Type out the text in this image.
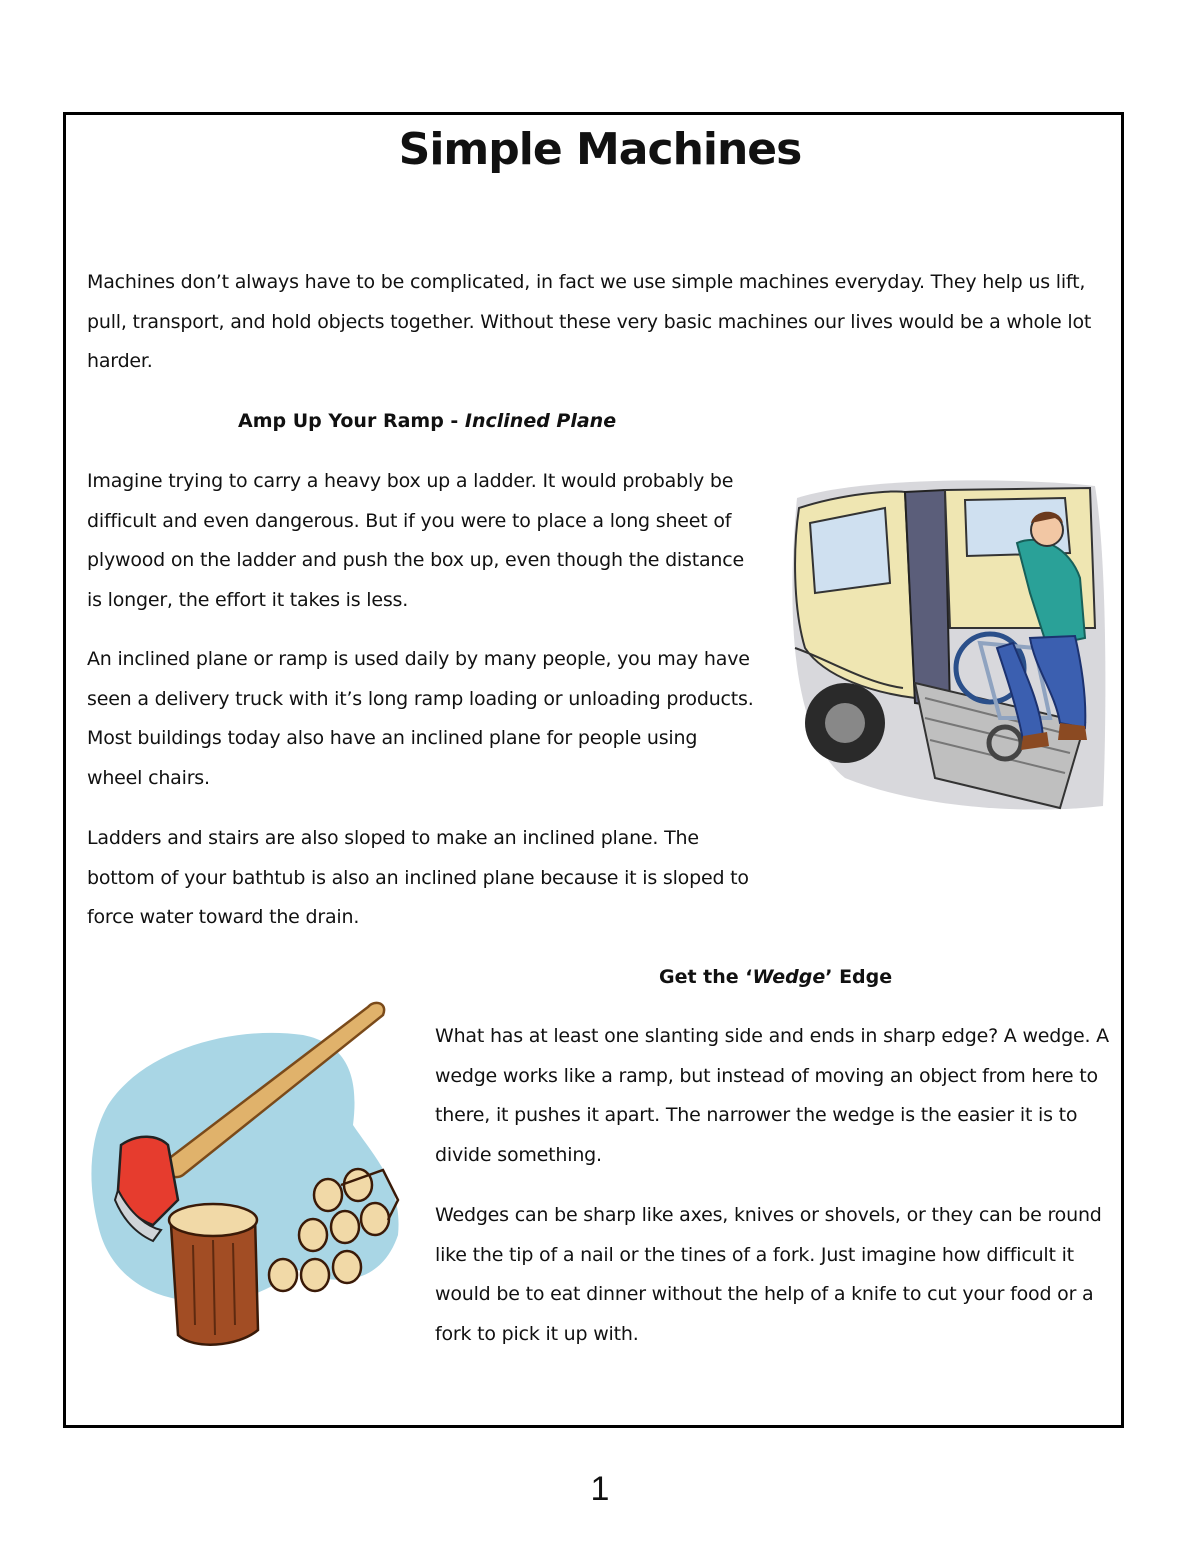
Simple Machines

Machines don’t always have to be complicated, in fact we use simple machines everyday. They help us lift, pull, transport, and hold objects together. Without these very basic machines our lives would be a whole lot harder.

Amp Up Your Ramp - Inclined Plane

Imagine trying to carry a heavy box up a ladder. It would probably be difficult and even dangerous. But if you were to place a long sheet of plywood on the ladder and push the box up, even though the distance is longer, the effort it takes is less.

An inclined plane or ramp is used daily by many people, you may have seen a delivery truck with it’s long ramp loading or unloading products. Most buildings today also have an inclined plane for people using wheel chairs.

Ladders and stairs are also sloped to make an inclined plane. The bottom of your bathtub is also an inclined plane because it is sloped to force water toward the drain.

Get the ‘Wedge’ Edge

What has at least one slanting side and ends in sharp edge? A wedge. A wedge works like a ramp, but instead of moving an object from here to there, it pushes it apart. The narrower the wedge is the easier it is to divide something.

Wedges can be sharp like axes, knives or shovels, or they can be round like the tip of a nail or the tines of a fork. Just imagine how difficult it would be to eat dinner without the help of a knife to cut your food or a fork to pick it up with.

1
